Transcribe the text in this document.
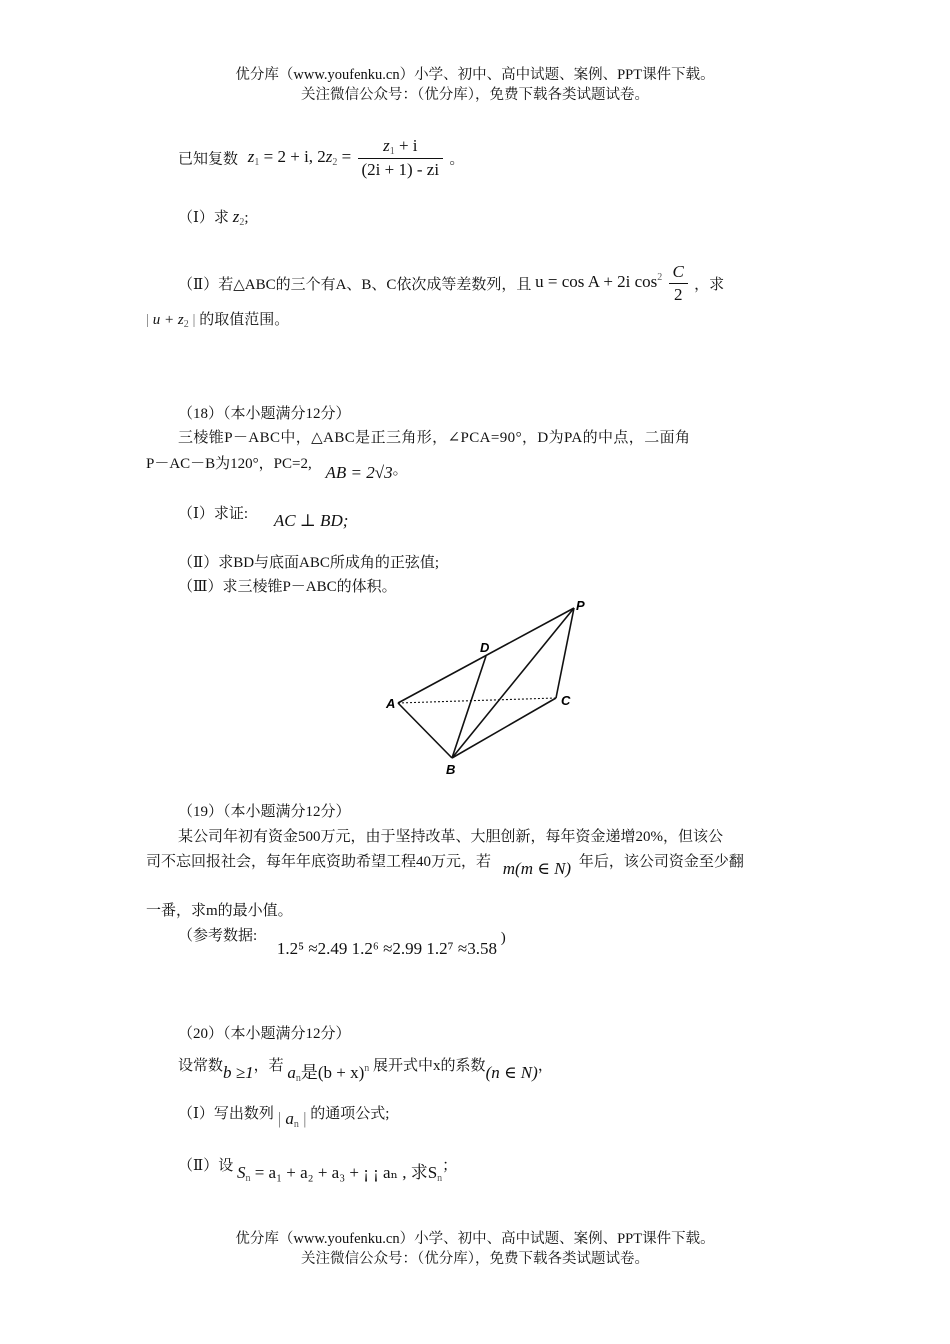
优分库（www.youfenku.cn）小学、初中、高中试题、案例、PPT课件下载。
关注微信公众号：（优分库），免费下载各类试题试卷。
已知复数 $z_1 = 2 + i$, $2z_2 = \frac{z_1 + i}{(2i + 1) - zi}$ 。
（Ⅰ）求 $z_2$;
（Ⅱ）若△ABC的三个有A、B、C依次成等差数列，且 u = cos A + 2i $\cos^2 \frac{C}{2}$ ，求
| $u + z_2$ | 的取值范围。
（18）（本小题满分12分）
三棱锥P－ABC中，△ABC是正三角形，∠PCA=90°，D为PA的中点，二面角
P－AC－B为120°，PC=2, AB = 2√3。
（Ⅰ）求证: AC ⊥ BD;
（Ⅱ）求BD与底面ABC所成角的正弦值;
（Ⅲ）求三棱锥P－ABC的体积。
P
D
A	C
B
（19）（本小题满分12分）
某公司年初有资金500万元，由于坚持改革、大胆创新，每年资金递增20%，但该公
司不忘回报社会，每年年底资助希望工程40万元，若 m(m ∈ N) 年后，该公司资金至少翻
一番，求m的最小值。
（参考数据: 1.2⁵ ≈2.49 1.2⁶ ≈2.99 1.2⁷ ≈3.58 )
（20）（本小题满分12分）
设常数b ≥1，若 $a_n$是$(b + x)^n$ 展开式中x的系数(n ∈ N)，
（Ⅰ）写出数列 | $a_n$ | 的通项公式;
（Ⅱ）设 $S_n = a_1 + a_2 + a_3$ + ¡ ¡ aₙ , 求$S_n$；
优分库（www.youfenku.cn）小学、初中、高中试题、案例、PPT课件下载。
关注微信公众号：（优分库），免费下载各类试题试卷。
